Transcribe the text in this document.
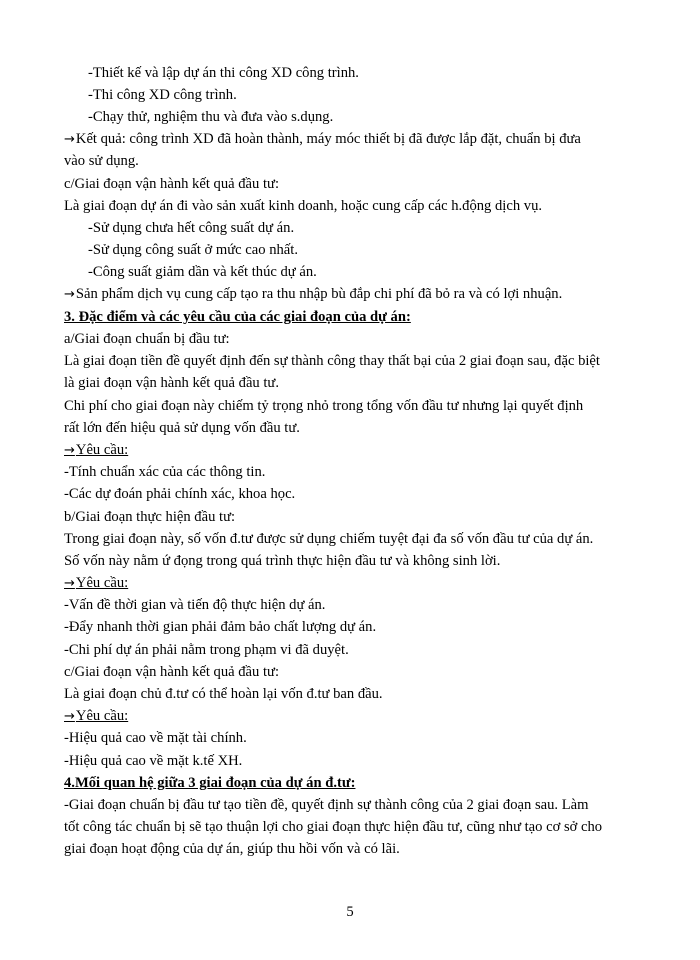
-Thiết kế và lập dự án thi công XD công trình.

-Thi công XD công trình.

-Chạy thử, nghiệm thu và đưa vào s.dụng.

→Kết quả: công trình XD đã hoàn thành, máy móc thiết bị đã được lắp đặt, chuẩn bị đưa

vào sử dụng.

c/Giai đoạn vận hành kết quả đầu tư:

Là giai đoạn dự án đi vào sản xuất kinh doanh, hoặc cung cấp các h.động dịch vụ.

-Sử dụng chưa hết công suất dự án.

-Sử dụng công suất ở mức cao nhất.

-Công suất giảm dần và kết thúc dự án.

→Sản phẩm dịch vụ cung cấp tạo ra thu nhập bù đắp chi phí đã bỏ ra và có lợi nhuận.

3. Đặc điểm và các yêu cầu của các giai đoạn của dự án:

a/Giai đoạn chuẩn bị đầu tư:

Là giai đoạn tiền đề quyết định đến sự thành công thay thất bại của 2 giai đoạn sau, đặc biệt

là giai đoạn vận hành kết quả đầu tư.

Chi phí cho giai đoạn này chiếm tỷ trọng nhỏ trong tổng vốn đầu tư nhưng lại quyết định

rất lớn đến hiệu quả sử dụng vốn đầu tư.

→Yêu cầu:

-Tính chuẩn xác của các thông tin.

-Các dự đoán phải chính xác, khoa học.

b/Giai đoạn thực hiện đầu tư:

Trong giai đoạn này, số vốn đ.tư được sử dụng chiếm tuyệt đại đa số vốn đầu tư của dự án.

Số vốn này nằm ứ đọng trong quá trình thực hiện đầu tư và không sinh lời.

→Yêu cầu:

-Vấn đề thời gian và tiến độ thực hiện dự án.

-Đẩy nhanh thời gian phải đảm bảo chất lượng dự án.

-Chi phí dự án phải nằm trong phạm vi đã duyệt.

c/Giai đoạn vận hành kết quả đầu tư:

Là giai đoạn chủ đ.tư có thể hoàn lại vốn đ.tư ban đầu.

→Yêu cầu:

-Hiệu quả cao về mặt tài chính.

-Hiệu quả cao về mặt k.tế XH.

4.Mối quan hệ giữa 3 giai đoạn của dự án đ.tư:

-Giai đoạn chuẩn bị đầu tư tạo tiền đề, quyết định sự thành công của 2 giai đoạn sau. Làm

tốt công tác chuẩn bị sẽ tạo thuận lợi cho giai đoạn thực hiện đầu tư, cũng như tạo cơ sở cho

giai đoạn hoạt động của dự án, giúp thu hồi vốn và có lãi.

5
